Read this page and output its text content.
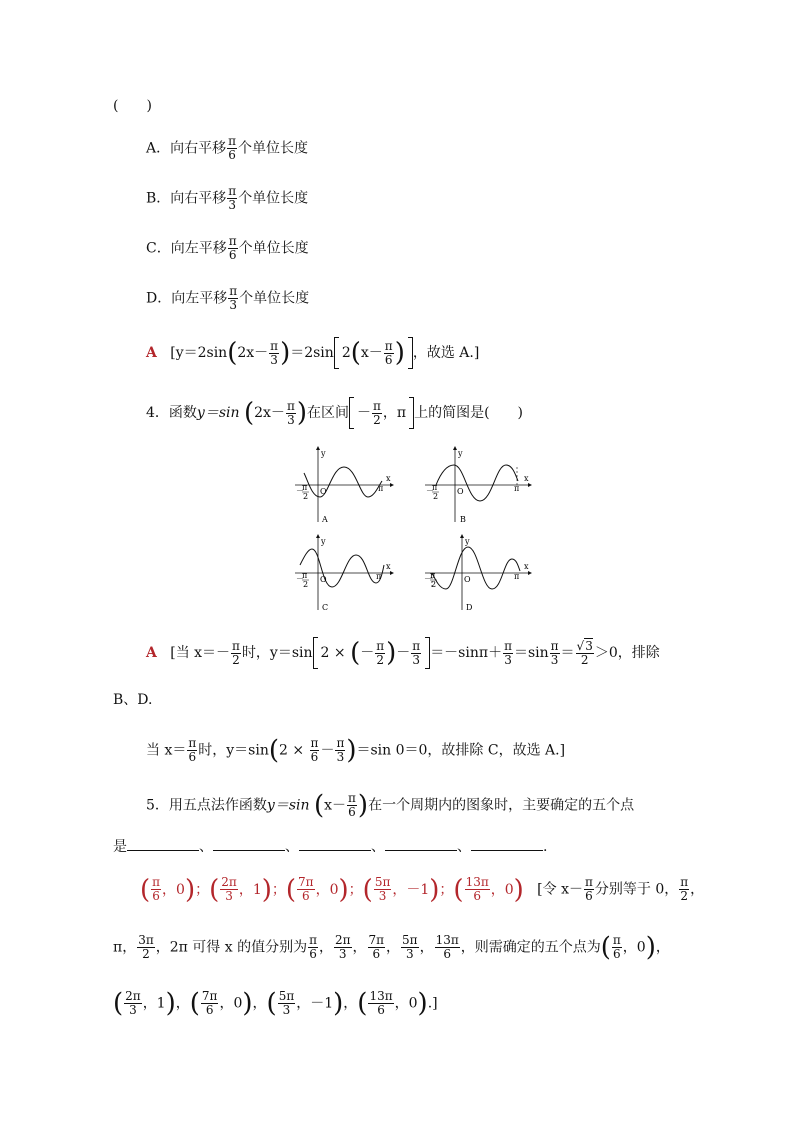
(　　)
A．向右平移 $\frac{\pi}{6}$ 个单位长度
B．向右平移 $\frac{\pi}{3}$ 个单位长度
C．向左平移 $\frac{\pi}{6}$ 个单位长度
D．向左平移 $\frac{\pi}{3}$ 个单位长度
A [$y=2\sin(2x- \frac{\pi}{3} )=2\sin$ $2(x- \frac{\pi}{6}$ ) ，故选 A.]
4．函数y＝sin ($2x- \frac{\pi}{3}$ )在区间 － $\frac{\pi}{2}$ ，π 上的简图是(　　)
y
x
O	π
－
π
2
A
y
x
O	π
－
π
2
B
y
x
O	π
－
π
2
C
y
x
O	π
－
π
2
D
A [当 $x=- \frac{\pi}{2}$ 时，y＝sin 2 × (－ $\frac{\pi}{2}$ )－ $\frac{\pi}{3} =-\sin\pi+ \frac{\pi}{3} =\sin \frac{\pi}{3} = \frac{√3}{2} >0$，排除
B、D.
当 $x= \frac{\pi}{6}$ 时，$y=\sin(2 \times \frac{\pi}{6} - \frac{\pi}{3} )=\sin$ 0＝0，故排除 C，故选 A.]
5．用五点法作函数y＝sin ($x- \frac{\pi}{6}$ )在一个周期内的图象时，主要确定的五个点
是	、	、	、	、	.
( $\frac{\pi}{6}$ ，0)；( $\frac{2\pi}{3}$ ，1)；( $\frac{7\pi}{6}$ ，0)；( $\frac{5\pi}{3}$ ，－1)；( $\frac{13\pi}{6}$ ，0) [令 $x- \frac{\pi}{6}$ 分别等于 0， $\frac{\pi}{2}$ ，
π， $\frac{3\pi}{2}$ ，2π 可得 x 的值分别为 $\frac{\pi}{6}$ ， $\frac{2\pi}{3}$ ， $\frac{7\pi}{6}$ ， $\frac{5\pi}{3}$ ， $\frac{13\pi}{6}$ ，则需确定的五个点为( $\frac{\pi}{6}$ ，0)，
( $\frac{2\pi}{3}$ ，1)，( $\frac{7\pi}{6}$ ，0)，( $\frac{5\pi}{3}$ ，－1)，( $\frac{13\pi}{6}$ ，0).]
